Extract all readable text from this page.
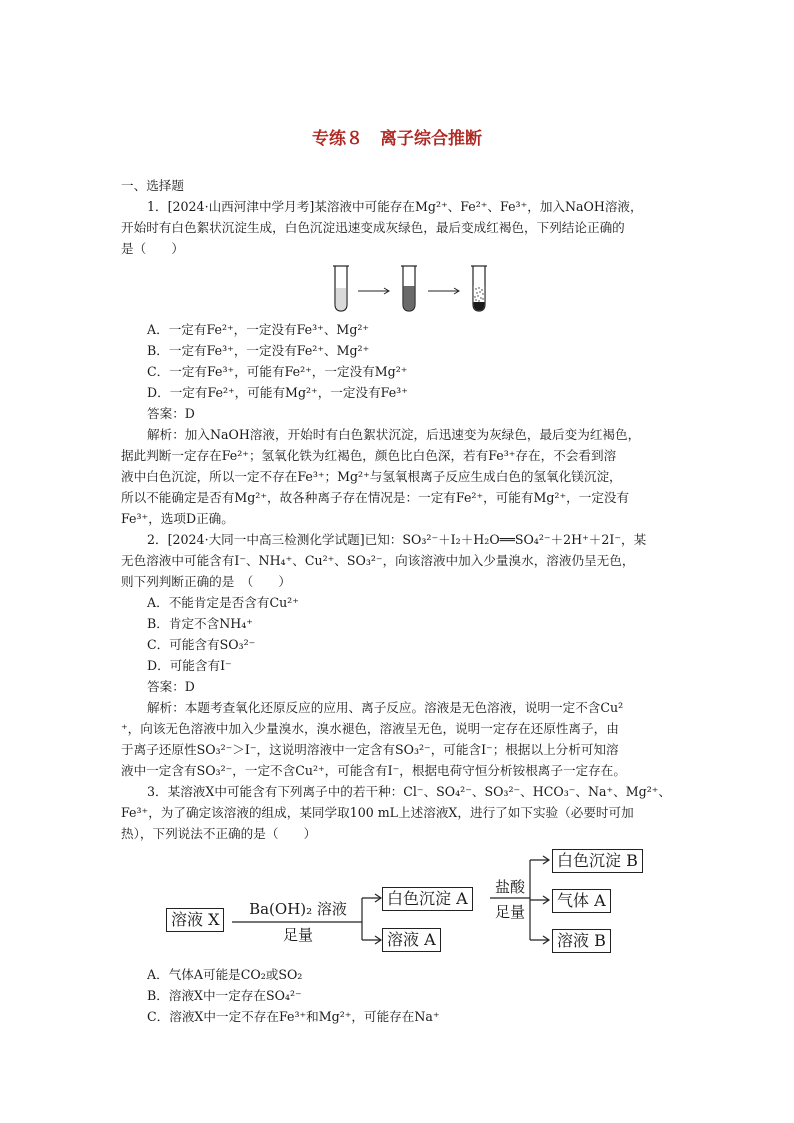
专练８　离子综合推断
一、选择题
1．[2024·山西河津中学月考]某溶液中可能存在Mg²⁺、Fe²⁺、Fe³⁺，加入NaOH溶液，
开始时有白色絮状沉淀生成，白色沉淀迅速变成灰绿色，最后变成红褐色，下列结论正确的
是（　　）
A．一定有Fe²⁺，一定没有Fe³⁺、Mg²⁺
B．一定有Fe³⁺，一定没有Fe²⁺、Mg²⁺
C．一定有Fe³⁺，可能有Fe²⁺，一定没有Mg²⁺
D．一定有Fe²⁺，可能有Mg²⁺，一定没有Fe³⁺
答案：D
解析：加入NaOH溶液，开始时有白色絮状沉淀，后迅速变为灰绿色，最后变为红褐色，
据此判断一定存在Fe²⁺；氢氧化铁为红褐色，颜色比白色深，若有Fe³⁺存在，不会看到溶
液中白色沉淀，所以一定不存在Fe³⁺；Mg²⁺与氢氧根离子反应生成白色的氢氧化镁沉淀，
所以不能确定是否有Mg²⁺，故各种离子存在情况是：一定有Fe²⁺，可能有Mg²⁺，一定没有
Fe³⁺，选项D正确。
2．[2024·大同一中高三检测化学试题]已知：SO₃²⁻＋I₂＋H₂O══SO₄²⁻＋2H⁺＋2I⁻，某
无色溶液中可能含有I⁻、NH₄⁺、Cu²⁺、SO₃²⁻，向该溶液中加入少量溴水，溶液仍呈无色，
则下列判断正确的是　（　　）
A．不能肯定是否含有Cu²⁺
B．肯定不含NH₄⁺
C．可能含有SO₃²⁻
D．可能含有I⁻
答案：D
解析：本题考查氧化还原反应的应用、离子反应。溶液是无色溶液，说明一定不含Cu²
⁺，向该无色溶液中加入少量溴水，溴水褪色，溶液呈无色，说明一定存在还原性离子，由
于离子还原性SO₃²⁻＞I⁻，这说明溶液中一定含有SO₃²⁻，可能含I⁻；根据以上分析可知溶
液中一定含有SO₃²⁻，一定不含Cu²⁺，可能含有I⁻，根据电荷守恒分析铵根离子一定存在。
3．某溶液X中可能含有下列离子中的若干种：Cl⁻、SO₄²⁻、SO₃²⁻、HCO₃⁻、Na⁺、Mg²⁺、
Fe³⁺，为了确定该溶液的组成，某同学取100 mL上述溶液X，进行了如下实验（必要时可加
热），下列说法不正确的是（　　）
溶液 X
Ba(OH)₂ 溶液
足量
白色沉淀 A
溶液 A
盐酸
足量
白色沉淀 B
气体 A
溶液 B
A．气体A可能是CO₂或SO₂
B．溶液X中一定存在SO₄²⁻
C．溶液X中一定不存在Fe³⁺和Mg²⁺，可能存在Na⁺
